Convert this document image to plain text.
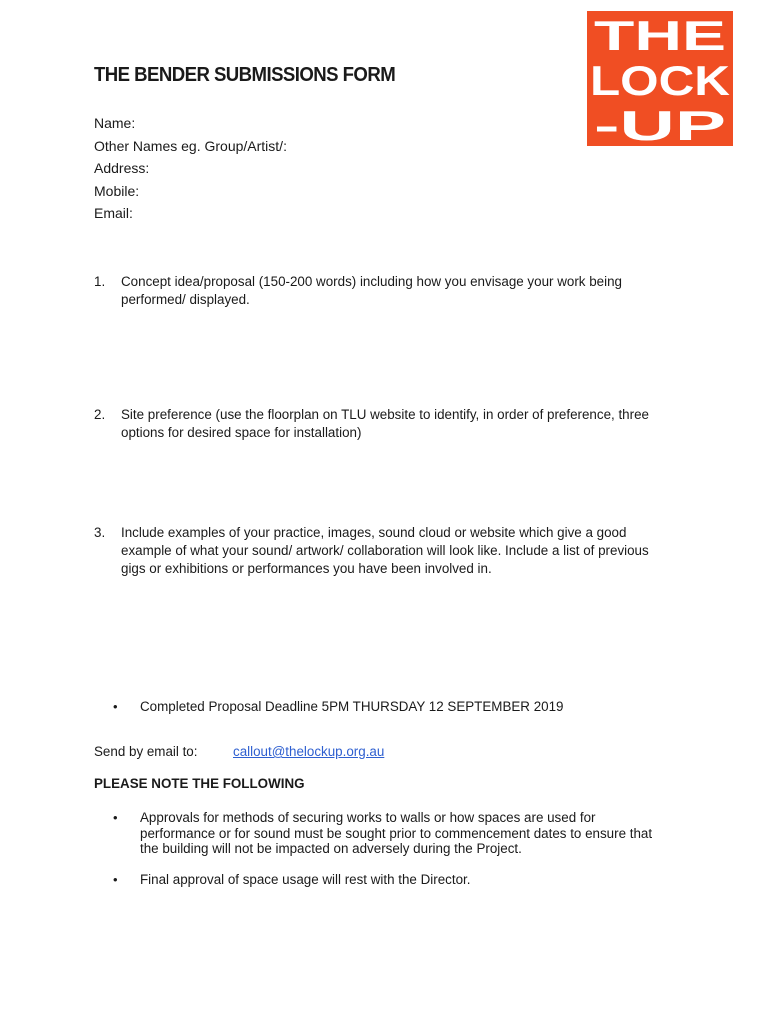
THE
LOCK
-UP
THE BENDER SUBMISSIONS FORM
Name:
Other Names eg. Group/Artist/:
Address:
Mobile:
Email:
1. Concept idea/proposal (150-200 words) including how you envisage your work being performed/ displayed.
2. Site preference (use the floorplan on TLU website to identify, in order of preference, three options for desired space for installation)
3. Include examples of your practice, images, sound cloud or website which give a good example of what your sound/ artwork/ collaboration will look like. Include a list of previous gigs or exhibitions or performances you have been involved in.
• Completed Proposal Deadline 5PM THURSDAY 12 SEPTEMBER 2019
Send by email to:	callout@thelockup.org.au

PLEASE NOTE THE FOLLOWING

• Approvals for methods of securing works to walls or how spaces are used for performance or for sound must be sought prior to commencement dates to ensure that the building will not be impacted on adversely during the Project.
• Final approval of space usage will rest with the Director.
